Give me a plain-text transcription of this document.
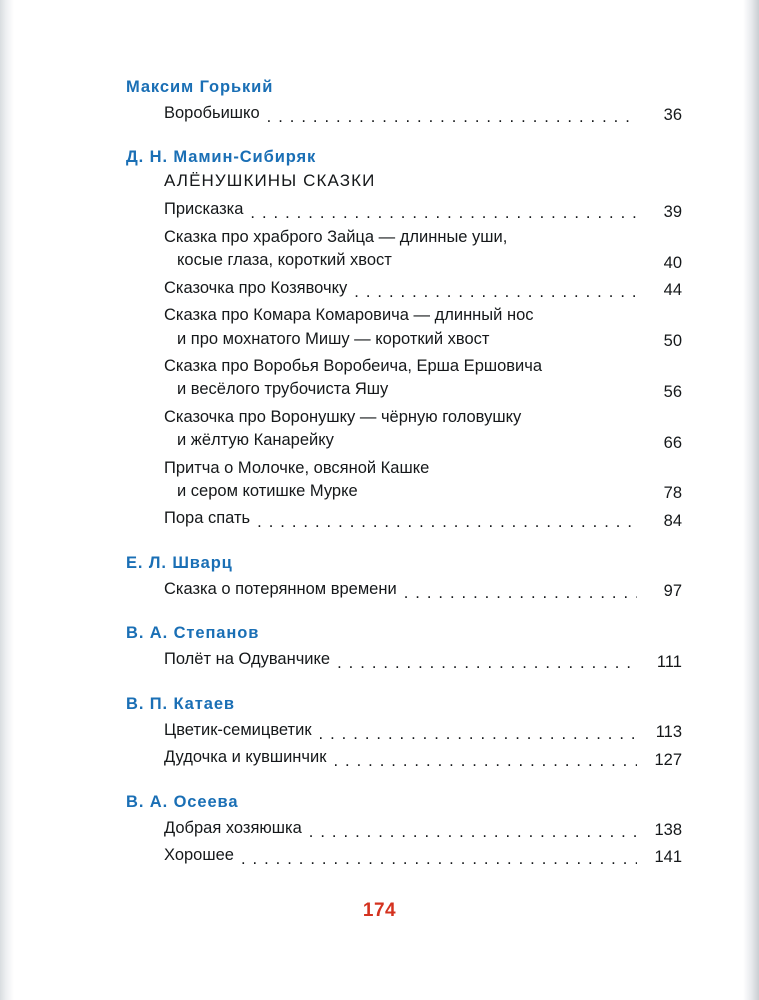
Максим Горький
Воробьишко . . .	36
Д. Н. Мамин-Сибиряк
АЛЁНУШКИНЫ СКАЗКИ
Присказка . . .	39
Сказка про храброго Зайца — длинные уши,
косые глаза, короткий хвост	40
Сказочка про Козявочку . . .	44
Сказка про Комара Комаровича — длинный нос
и про мохнатого Мишу — короткий хвост	50
Сказка про Воробья Воробеича, Ерша Ершовича
и весёлого трубочиста Яшу	56
Сказочка про Воронушку — чёрную головушку
и жёлтую Канарейку	66
Притча о Молочке, овсяной Кашке
и сером котишке Мурке	78
Пора спать . . .	84
Е. Л. Шварц
Сказка о потерянном времени . . .	97
В. А. Степанов
Полёт на Одуванчике . . .	111
В. П. Катаев
Цветик-семицветик . . .	113
Дудочка и кувшинчик . . .	127
В. А. Осеева
Добрая хозяюшка . . .	138
Хорошее . . .	141
174
